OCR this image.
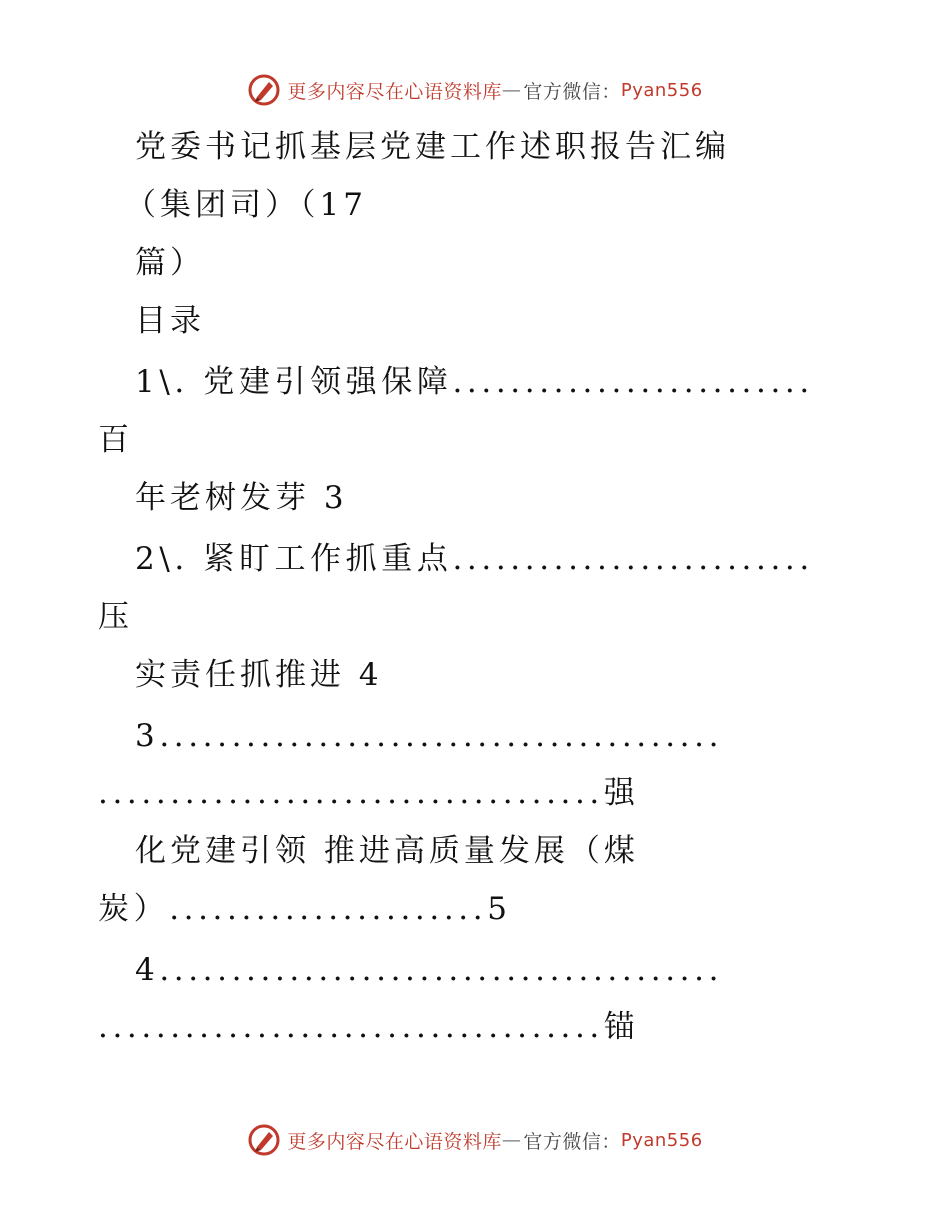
更多内容尽在心语资料库 — 官方微信： Pyan556
党委书记抓基层党建工作述职报告汇编
（集团司）（17
篇）
目录
1\. 党建引领强保障.........................
百
年老树发芽 3
2\. 紧盯工作抓重点.........................
压
实责任抓推进 4
3.......................................
...................................强
化党建引领 推进高质量发展（煤
炭）......................5
4.......................................
...................................锚
更多内容尽在心语资料库 — 官方微信： Pyan556
